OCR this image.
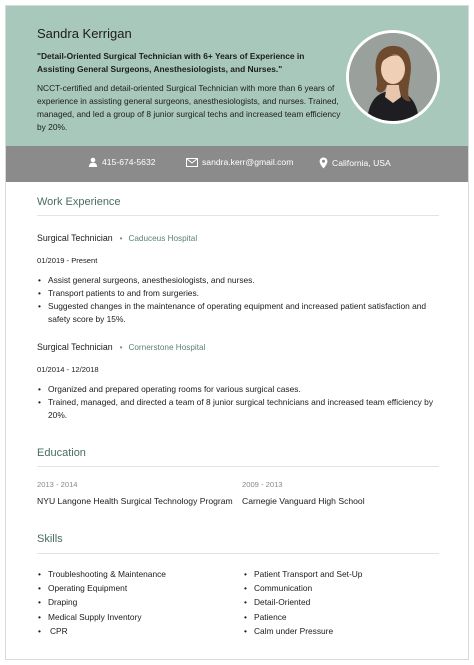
Sandra Kerrigan
"Detail-Oriented Surgical Technician with 6+ Years of Experience in Assisting General Surgeons, Anesthesiologists, and Nurses."
NCCT-certified and detail-oriented Surgical Technician with more than 6 years of experience in assisting general surgeons, anesthesiologists, and nurses. Trained, managed, and led a group of 8 junior surgical techs and increased team efficiency by 20%.
415-674-5632	sandra.kerr@gmail.com	California, USA
Work Experience
Surgical Technician • Caduceus Hospital
01/2019 - Present
• Assist general surgeons, anesthesiologists, and nurses.
• Transport patients to and from surgeries.
• Suggested changes in the maintenance of operating equipment and increased patient satisfaction and safety score by 15%.
Surgical Technician • Cornerstone Hospital
01/2014 - 12/2018
• Organized and prepared operating rooms for various surgical cases.
• Trained, managed, and directed a team of 8 junior surgical technicians and increased team efficiency by 20%.
Education
2013 - 2014
NYU Langone Health Surgical Technology Program
2009 - 2013
Carnegie Vanguard High School
Skills
• Troubleshooting & Maintenance
• Operating Equipment
• Draping
• Medical Supply Inventory
• CPR
• Patient Transport and Set-Up
• Communication
• Detail-Oriented
• Patience
• Calm under Pressure
